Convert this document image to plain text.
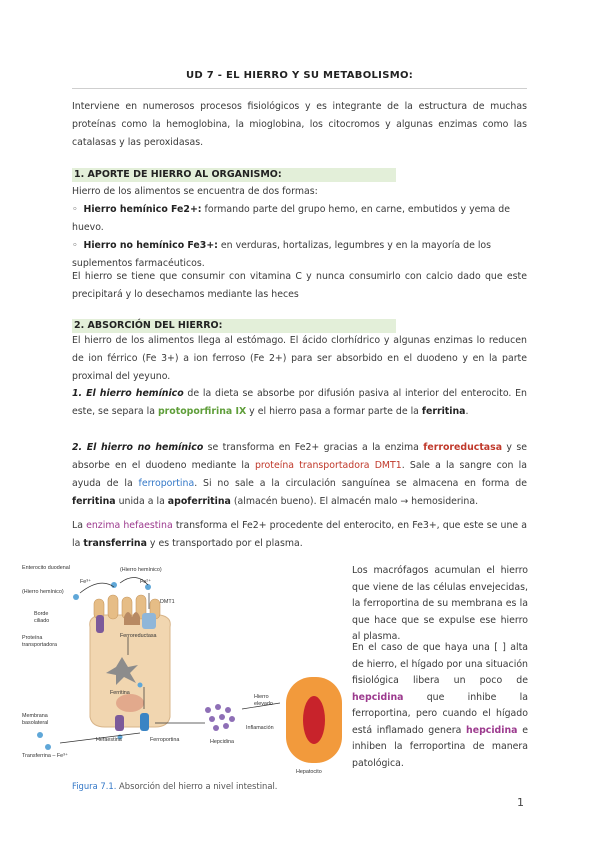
UD 7 - EL HIERRO Y SU METABOLISMO:

Interviene en numerosos procesos fisiológicos y es integrante de la estructura de muchas proteínas como la hemoglobina, la mioglobina, los citocromos y algunas enzimas como las catalasas y las peroxidasas.

1. APORTE DE HIERRO AL ORGANISMO:

Hierro de los alimentos se encuentra de dos formas:

◦  Hierro hemínico Fe2+: formando parte del grupo hemo, en carne, embutidos y yema de huevo.

◦  Hierro no hemínico Fe3+: en verduras, hortalizas, legumbres y en la mayoría de los suplementos farmacéuticos.

El hierro se tiene que consumir con vitamina C y nunca consumirlo con calcio dado que este precipitará y lo desechamos mediante las heces

2. ABSORCIÓN DEL HIERRO:

El hierro de los alimentos llega al estómago. El ácido clorhídrico y algunas enzimas lo reducen de ion férrico (Fe 3+) a ion ferroso (Fe 2+) para ser absorbido en el duodeno y en la parte proximal del yeyuno.

1. El hierro hemínico de la dieta se absorbe por difusión pasiva al interior del enterocito. En este, se separa la protoporfirina IX y el hierro pasa a formar parte de la ferritina.

2. El hierro no hemínico se transforma en Fe2+ gracias a la enzima ferroreductasa y se absorbe en el duodeno mediante la proteína transportadora DMT1. Sale a la sangre con la ayuda de la ferroportina. Si no sale a la circulación sanguínea se almacena en forma de ferritina unida a la apoferritina (almacén bueno). El almacén malo → hemosiderina.

La enzima hefaestina transforma el Fe2+ procedente del enterocito, en Fe3+, que este se une a la transferrina y es transportado por el plasma.

Los macrófagos acumulan el hierro que viene de las células envejecidas, la ferroportina de su membrana es la que hace que se expulse ese hierro al plasma.

En el caso de que haya una [ ] alta de hierro, el hígado por una situación fisiológica libera un poco de hepcidina que inhibe la ferroportina, pero cuando el hígado está inflamado genera hepcidina e inhiben la ferroportina de manera patológica.

Enterocito duodenal
Fe³⁺
(Hierro hemínico)
(Hierro hemínico)
Fe²⁺
DMT1
Borde
ciliado
Ferroreductasa
Proteína
transportadora
Ferritina
Membrana
basolateral
Hefaestina	Ferroportina	Hepcidina
Hierro
elevado
Inflamación
Hepatocito
Transferrina – Fe³⁺
Figura 7.1. Absorción del hierro a nivel intestinal.
1
